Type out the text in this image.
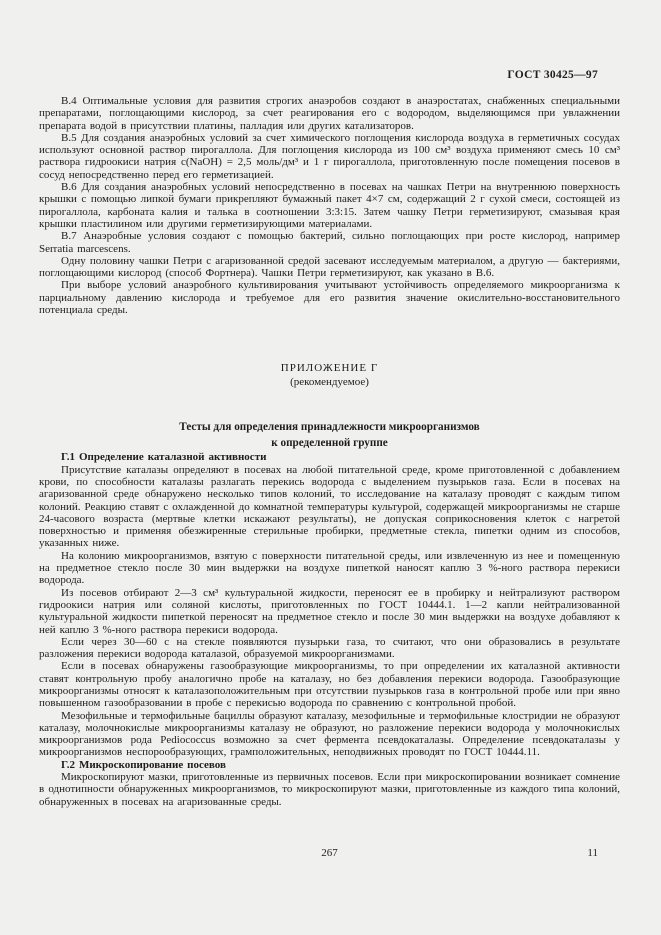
ГОСТ 30425—97

В.4 Оптимальные условия для развития строгих анаэробов создают в анаэростатах, снабженных специальными препаратами, поглощающими кислород, за счет реагирования его с водородом, выделяющимся при увлажнении препарата водой в присутствии платины, палладия или других катализаторов.

В.5 Для создания анаэробных условий за счет химического поглощения кислорода воздуха в герметичных сосудах используют основной раствор пирогаллола. Для поглощения кислорода из 100 см³ воздуха применяют смесь 10 см³ раствора гидроокиси натрия с(NaOH) = 2,5 моль/дм³ и 1 г пирогаллола, приготовленную после помещения посевов в сосуд непосредственно перед его герметизацией.

В.6 Для создания анаэробных условий непосредственно в посевах на чашках Петри на внутреннюю поверхность крышки с помощью липкой бумаги прикрепляют бумажный пакет 4×7 см, содержащий 2 г сухой смеси, состоящей из пирогаллола, карбоната калия и талька в соотношении 3:3:15. Затем чашку Петри герметизируют, смазывая края крышки пластилином или другими герметизирующими материалами.

В.7 Анаэробные условия создают с помощью бактерий, сильно поглощающих при росте кислород, например Serratia marcescens.

Одну половину чашки Петри с агаризованной средой засевают исследуемым материалом, а другую — бактериями, поглощающими кислород (способ Фортнера). Чашки Петри герметизируют, как указано в В.6.

При выборе условий анаэробного культивирования учитывают устойчивость определяемого микроорганизма к парциальному давлению кислорода и требуемое для его развития значение окислительно-восстановительного потенциала среды.

ПРИЛОЖЕНИЕ Г
(рекомендуемое)
Тесты для определения принадлежности микроорганизмов
к определенной группе

Г.1 Определение каталазной активности

Присутствие каталазы определяют в посевах на любой питательной среде, кроме приготовленной с добавлением крови, по способности каталазы разлагать перекись водорода с выделением пузырьков газа. Если в посевах на агаризованной среде обнаружено несколько типов колоний, то исследование на каталазу проводят с каждым типом колоний. Реакцию ставят с охлажденной до комнатной температуры культурой, содержащей микроорганизмы не старше 24-часового возраста (мертвые клетки искажают результаты), не допуская соприкосновения клеток с нагретой поверхностью и применяя обезжиренные стерильные пробирки, предметные стекла, пипетки одним из способов, указанных ниже.

На колонию микроорганизмов, взятую с поверхности питательной среды, или извлеченную из нее и помещенную на предметное стекло после 30 мин выдержки на воздухе пипеткой наносят каплю 3 %-ного раствора перекиси водорода.

Из посевов отбирают 2—3 см³ культуральной жидкости, переносят ее в пробирку и нейтрализуют раствором гидроокиси натрия или соляной кислоты, приготовленных по ГОСТ 10444.1. 1—2 капли нейтрализованной культуральной жидкости пипеткой переносят на предметное стекло и после 30 мин выдержки на воздухе добавляют к ней каплю 3 %-ного раствора перекиси водорода.

Если через 30—60 с на стекле появляются пузырьки газа, то считают, что они образовались в результате разложения перекиси водорода каталазой, образуемой микроорганизмами.

Если в посевах обнаружены газообразующие микроорганизмы, то при определении их каталазной активности ставят контрольную пробу аналогично пробе на каталазу, но без добавления перекиси водорода. Газообразующие микроорганизмы относят к каталазоположительным при отсутствии пузырьков газа в контрольной пробе или при явно повышенном газообразовании в пробе с перекисью водорода по сравнению с контрольной пробой.

Мезофильные и термофильные бациллы образуют каталазу, мезофильные и термофильные клостридии не образуют каталазу, молочнокислые микроорганизмы каталазу не образуют, но разложение перекиси водорода у молочнокислых микроорганизмов рода Pediococcus возможно за счет фермента псевдокаталазы. Определение псевдокаталазы у микроорганизмов неспорообразующих, грамположительных, неподвижных проводят по ГОСТ 10444.11.

Г.2 Микроскопирование посевов

Микроскопируют мазки, приготовленные из первичных посевов. Если при микроскопировании возникает сомнение в однотипности обнаруженных микроорганизмов, то микроскопируют мазки, приготовленные из каждого типа колоний, обнаруженных в посевах на агаризованные среды.

267	11
